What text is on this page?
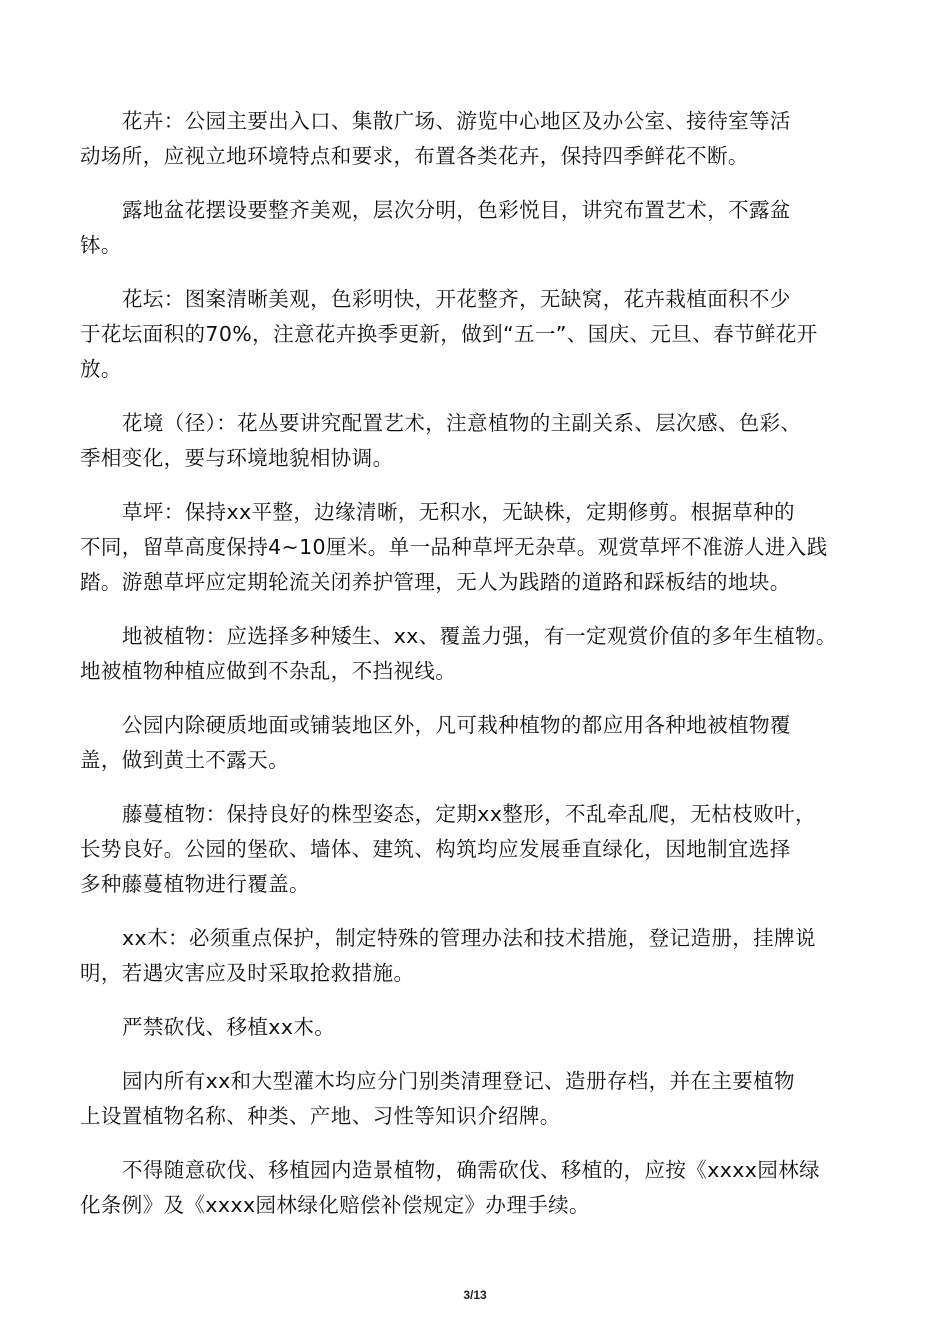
花卉：公园主要出入口、集散广场、游览中心地区及办公室、接待室等活
动场所，应视立地环境特点和要求，布置各类花卉，保持四季鲜花不断。

露地盆花摆设要整齐美观，层次分明，色彩悦目，讲究布置艺术，不露盆
钵。

花坛：图案清晰美观，色彩明快，开花整齐，无缺窝，花卉栽植面积不少
于花坛面积的70%，注意花卉换季更新，做到“五一”、国庆、元旦、春节鲜花开
放。

花境（径）：花丛要讲究配置艺术，注意植物的主副关系、层次感、色彩、
季相变化，要与环境地貌相协调。

草坪：保持xx平整，边缘清晰，无积水，无缺株，定期修剪。根据草种的
不同，留草高度保持4~10厘米。单一品种草坪无杂草。观赏草坪不准游人进入践
踏。游憩草坪应定期轮流关闭养护管理，无人为践踏的道路和踩板结的地块。

地被植物：应选择多种矮生、xx、覆盖力强，有一定观赏价值的多年生植物。
地被植物种植应做到不杂乱，不挡视线。

公园内除硬质地面或铺装地区外，凡可栽种植物的都应用各种地被植物覆
盖，做到黄土不露天。

藤蔓植物：保持良好的株型姿态，定期xx整形，不乱牵乱爬，无枯枝败叶，
长势良好。公园的堡砍、墙体、建筑、构筑均应发展垂直绿化，因地制宜选择
多种藤蔓植物进行覆盖。

xx木：必须重点保护，制定特殊的管理办法和技术措施，登记造册，挂牌说
明，若遇灾害应及时采取抢救措施。

严禁砍伐、移植xx木。

园内所有xx和大型灌木均应分门别类清理登记、造册存档，并在主要植物
上设置植物名称、种类、产地、习性等知识介绍牌。

不得随意砍伐、移植园内造景植物，确需砍伐、移植的，应按《xxxx园林绿
化条例》及《xxxx园林绿化赔偿补偿规定》办理手续。

3/13
